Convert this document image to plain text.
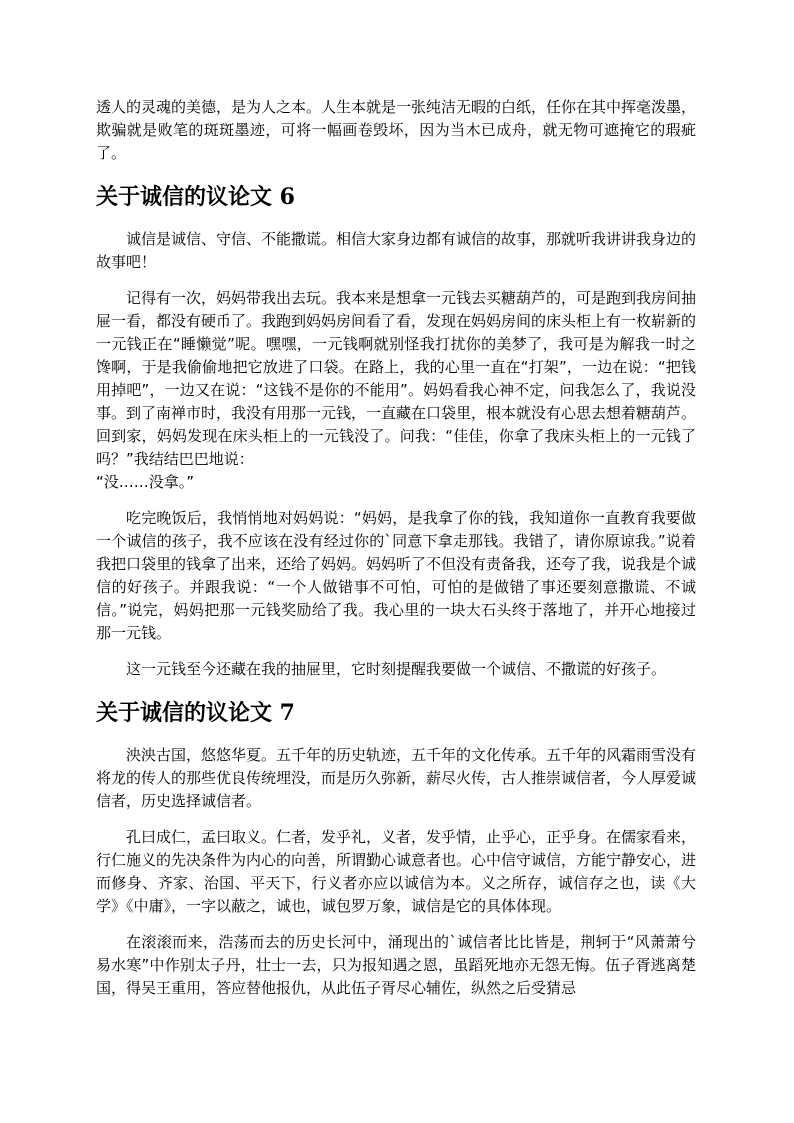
透人的灵魂的美德，是为人之本。人生本就是一张纯洁无暇的白纸，任你在其中挥毫泼墨，欺骗就是败笔的斑斑墨迹，可将一幅画卷毁坏，因为当木已成舟，就无物可遮掩它的瑕疵了。

关于诚信的议论文 6

诚信是诚信、守信、不能撒谎。相信大家身边都有诚信的故事，那就听我讲讲我身边的故事吧！

记得有一次，妈妈带我出去玩。我本来是想拿一元钱去买糖葫芦的，可是跑到我房间抽屉一看，都没有硬币了。我跑到妈妈房间看了看，发现在妈妈房间的床头柜上有一枚崭新的一元钱正在“睡懒觉”呢。嘿嘿，一元钱啊就别怪我打扰你的美梦了，我可是为解我一时之馋啊，于是我偷偷地把它放进了口袋。在路上，我的心里一直在“打架”，一边在说：“把钱用掉吧”，一边又在说：“这钱不是你的不能用”。妈妈看我心神不定，问我怎么了，我说没事。到了南禅市时，我没有用那一元钱，一直藏在口袋里，根本就没有心思去想着糖葫芦。回到家，妈妈发现在床头柜上的一元钱没了。问我：“佳佳，你拿了我床头柜上的一元钱了吗？”我结结巴巴地说：
“没……没拿。”

吃完晚饭后，我悄悄地对妈妈说：“妈妈，是我拿了你的钱，我知道你一直教育我要做一个诚信的孩子，我不应该在没有经过你的`同意下拿走那钱。我错了，请你原谅我。”说着我把口袋里的钱拿了出来，还给了妈妈。妈妈听了不但没有责备我，还夸了我，说我是个诚信的好孩子。并跟我说：“一个人做错事不可怕，可怕的是做错了事还要刻意撒谎、不诚信。”说完，妈妈把那一元钱奖励给了我。我心里的一块大石头终于落地了，并开心地接过那一元钱。

这一元钱至今还藏在我的抽屉里，它时刻提醒我要做一个诚信、不撒谎的好孩子。

关于诚信的议论文 7

泱泱古国，悠悠华夏。五千年的历史轨迹，五千年的文化传承。五千年的风霜雨雪没有将龙的传人的那些优良传统埋没，而是历久弥新，薪尽火传，古人推崇诚信者，今人厚爱诚信者，历史选择诚信者。

孔曰成仁，孟曰取义。仁者，发乎礼，义者，发乎情，止乎心，正乎身。在儒家看来，行仁施义的先决条件为内心的向善，所谓勤心诚意者也。心中信守诚信，方能宁静安心，进而修身、齐家、治国、平天下，行义者亦应以诚信为本。义之所存，诚信存之也，读《大学》《中庸》，一字以蔽之，诚也，诚包罗万象，诚信是它的具体体现。

在滚滚而来，浩荡而去的历史长河中，涌现出的`诚信者比比皆是，荆轲于“风萧萧兮易水寒”中作别太子丹，壮士一去，只为报知遇之恩，虽蹈死地亦无怨无悔。伍子胥逃离楚国，得吴王重用，答应替他报仇，从此伍子胥尽心辅佐，纵然之后受猜忌
